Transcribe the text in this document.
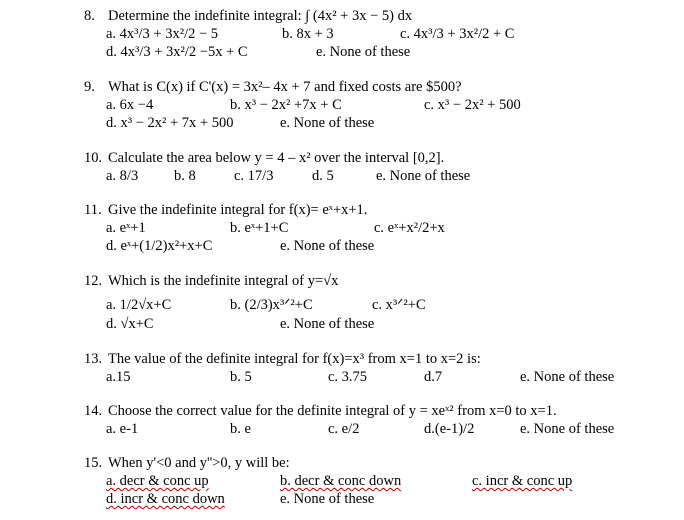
8. Determine the indefinite integral: ∫ (4x² + 3x − 5) dx
a. 4x³/3 + 3x²/2 − 5	b. 8x + 3	c. 4x³/3 + 3x²/2 + C
d. 4x³/3 + 3x²/2 −5x + C	e. None of these
9. What is C(x) if C'(x) = 3x²– 4x + 7 and fixed costs are $500?
a. 6x −4	b. x³ − 2x² +7x + C	c. x³ − 2x² + 500
d. x³ − 2x² + 7x + 500	e. None of these
10. Calculate the area below y = 4 – x² over the interval [0,2].
a. 8/3 b. 8	c. 17/3	d. 5	e. None of these
11. Give the indefinite integral for f(x)= eˣ+x+1.
a. eˣ+1	b. eˣ+1+C	c. eˣ+x²/2+x
d. eˣ+(1/2)x²+x+C	e. None of these
12. Which is the indefinite integral of y=√x
a. 1/2√x+C	b. (2/3)x³ᐟ²+C	c. x³ᐟ²+C
d. √x+C	e. None of these
13. The value of the definite integral for f(x)=x³ from x=1 to x=2 is:
a.15	b. 5	c. 3.75	d.7	e. None of these
14. Choose the correct value for the definite integral of y = xeˣ² from x=0 to x=1.
a. e-1	b. e	c. e/2	d.(e-1)/2	e. None of these
15. When y'<0 and y''>0, y will be:
a. decr & conc up	b. decr & conc down	c. incr & conc up
d. incr & conc down	e. None of these
